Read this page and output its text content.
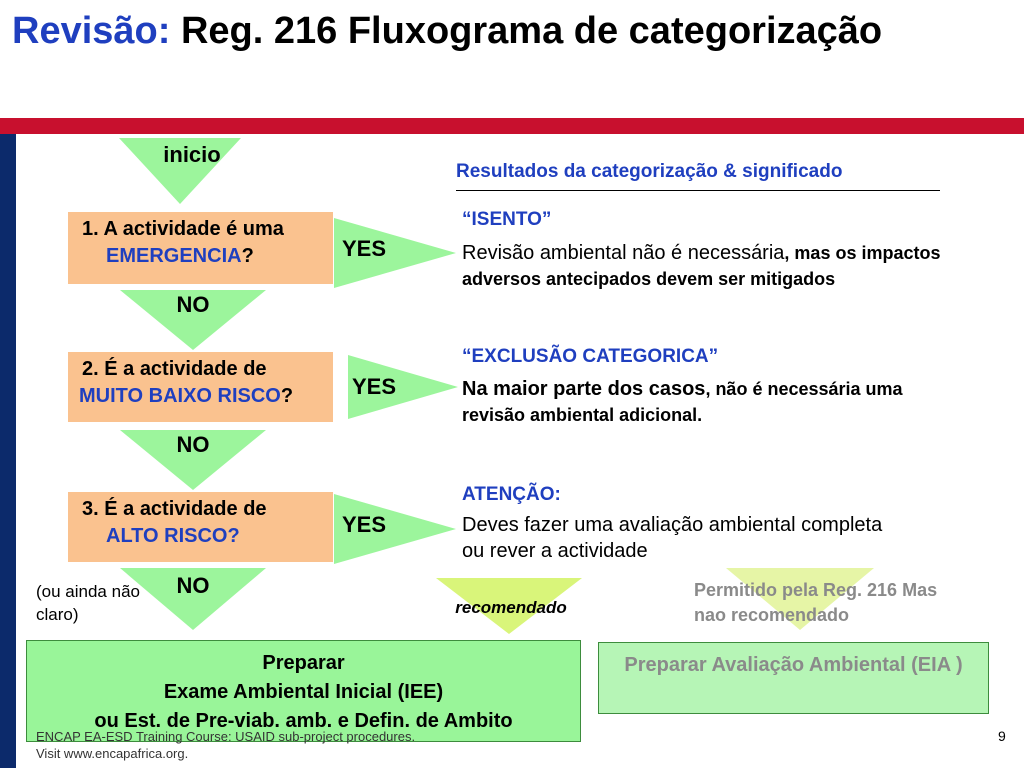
Revisão: Reg. 216 Fluxograma de categorização
inicio
Resultados da categorização & significado
1. A actividade é uma
EMERGENCIA?	YES
NO
“ISENTO”
Revisão ambiental não é necessária, mas os impactos adversos antecipados devem ser mitigados
2. É a actividade de
MUITO BAIXO RISCO?	YES
NO
“EXCLUSÃO CATEGORICA”
Na maior parte dos casos, não é necessária uma revisão ambiental adicional.
3. É a actividade de
ALTO RISCO?	YES
ATENÇÃO:
Deves fazer uma avaliação ambiental completa ou rever a actividade
NO
(ou ainda não claro)	recomendado
Permitido pela Reg. 216 Mas nao recomendado
Preparar
Exame Ambiental Inicial (IEE)
ou Est. de Pre-viab. amb. e Defin. de Ambito
Preparar Avaliação Ambiental (EIA )
ENCAP EA-ESD Training Course: USAID sub-project procedures.
Visit www.encapafrica.org.
9
